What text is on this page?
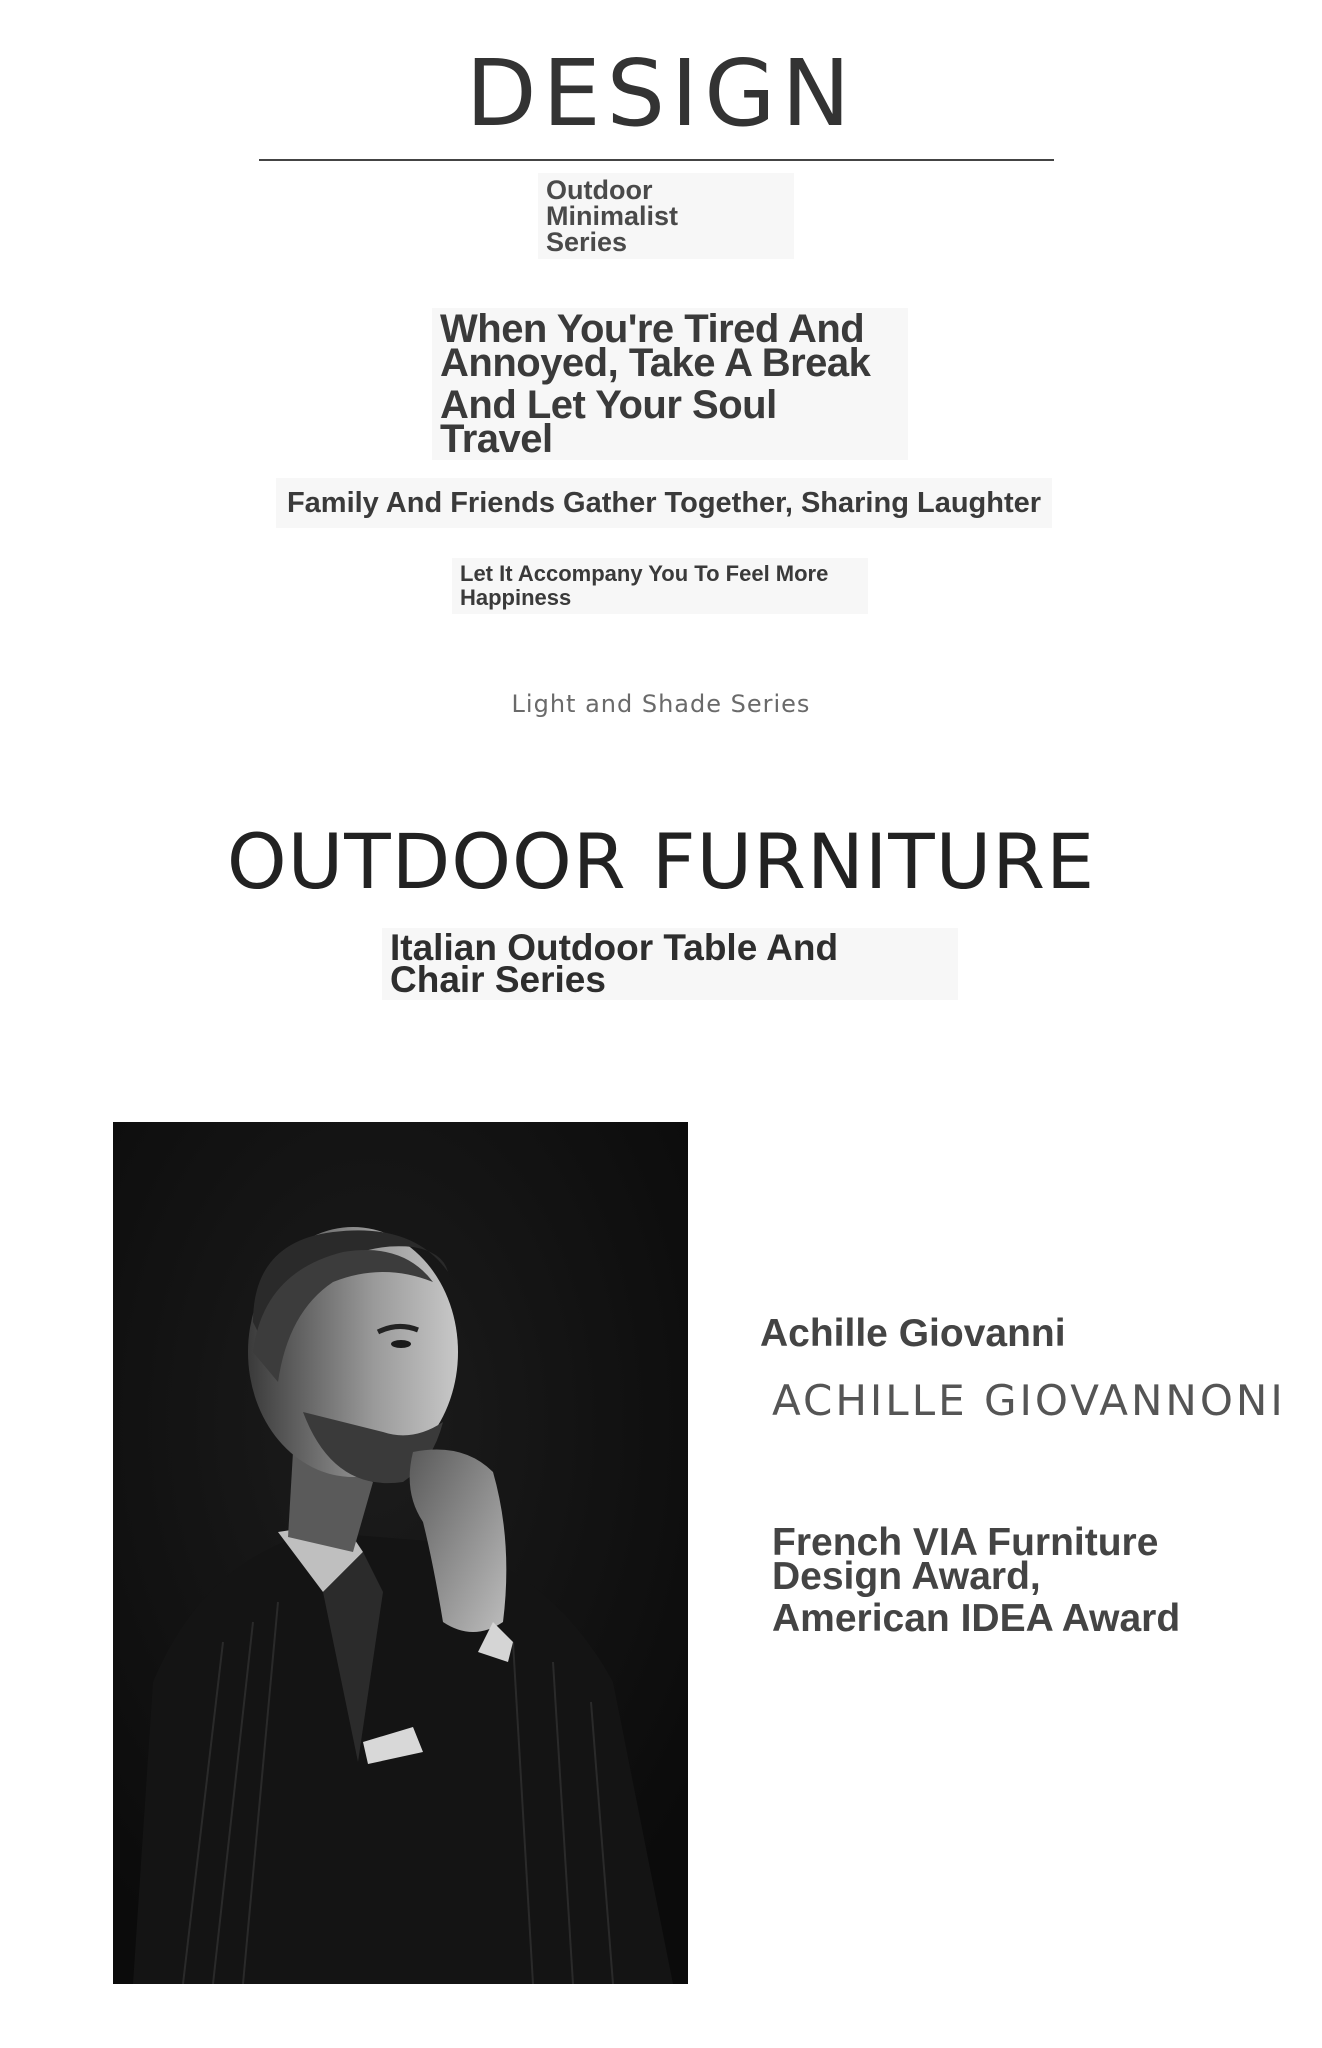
DESIGN
Outdoor Minimalist
Series
When You're Tired And
Annoyed, Take A Break
And Let Your Soul
Travel
Family And Friends Gather Together, Sharing Laughter
Let It Accompany You To Feel More
Happiness
Light and Shade Series
OUTDOOR FURNITURE
Italian Outdoor Table And
Chair Series
Achille Giovanni
ACHILLE GIOVANNONI
French VIA Furniture
Design Award,
American IDEA Award
